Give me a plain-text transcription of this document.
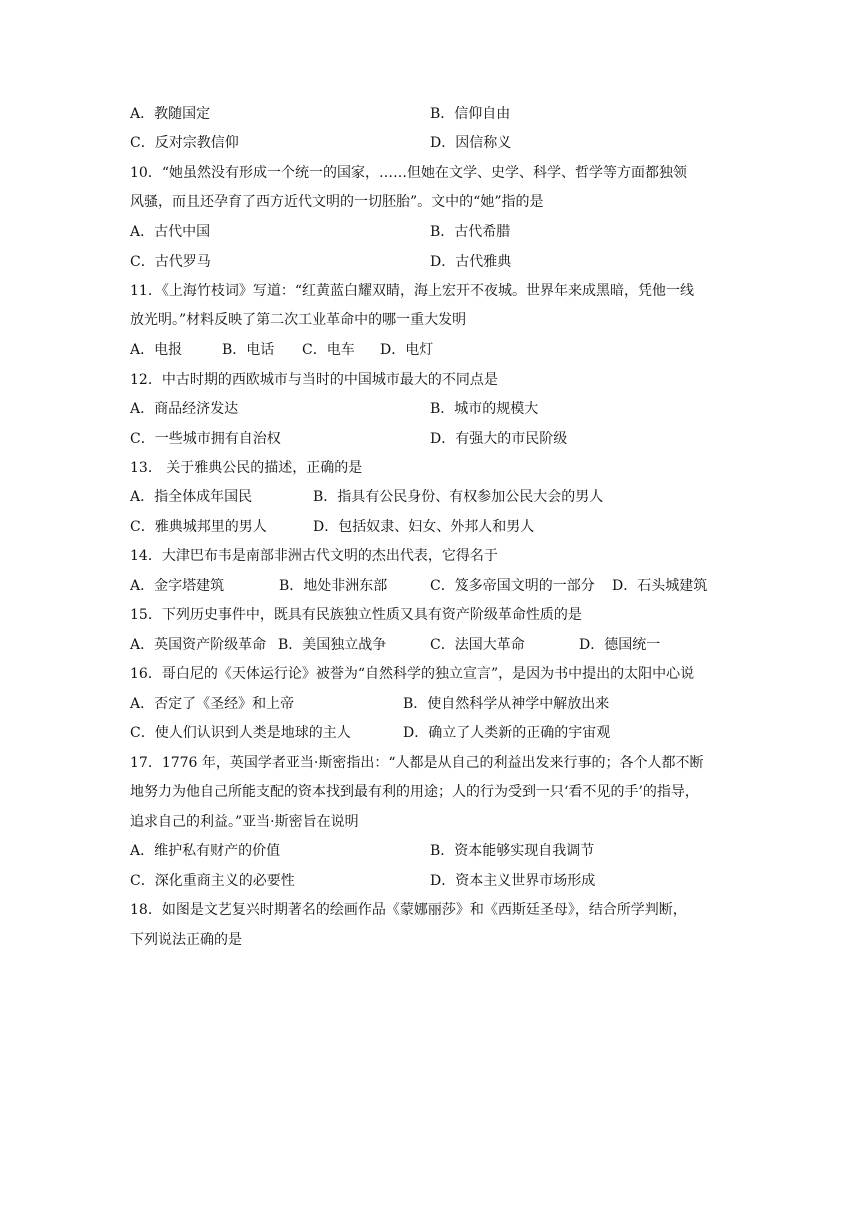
A．教随国定	B．信仰自由
C．反对宗教信仰	D．因信称义
10．“她虽然没有形成一个统一的国家，……但她在文学、史学、科学、哲学等方面都独领
风骚，而且还孕育了西方近代文明的一切胚胎”。文中的“她”指的是
A．古代中国	B．古代希腊
C．古代罗马	D．古代雅典
11．《上海竹枝词》写道：“红黄蓝白耀双睛，海上宏开不夜城。世界年来成黑暗，凭他一线
放光明。”材料反映了第二次工业革命中的哪一重大发明
A．电报	B．电话 C．电车 D．电灯
12．中古时期的西欧城市与当时的中国城市最大的不同点是
A．商品经济发达	B．城市的规模大
C．一些城市拥有自治权	D．有强大的市民阶级
13． 关于雅典公民的描述，正确的是
A．指全体成年国民	B．指具有公民身份、有权参加公民大会的男人
C．雅典城邦里的男人	D．包括奴隶、妇女、外邦人和男人
14．大津巴布韦是南部非洲古代文明的杰出代表，它得名于
A．金字塔建筑	B．地处非洲东部	C．笈多帝国文明的一部分 D．石头城建筑
15．下列历史事件中，既具有民族独立性质又具有资产阶级革命性质的是
A．英国资产阶级革命 B．美国独立战争	C．法国大革命	D．德国统一
16．哥白尼的《天体运行论》被誉为“自然科学的独立宣言”，是因为书中提出的太阳中心说
A．否定了《圣经》和上帝	B．使自然科学从神学中解放出来
C．使人们认识到人类是地球的主人	D．确立了人类新的正确的宇宙观
17．1776 年，英国学者亚当·斯密指出：“人都是从自己的利益出发来行事的；各个人都不断
地努力为他自己所能支配的资本找到最有利的用途；人的行为受到一只‘看不见的手’的指导，
追求自己的利益。”亚当·斯密旨在说明
A．维护私有财产的价值	B．资本能够实现自我调节
C．深化重商主义的必要性	D．资本主义世界市场形成
18．如图是文艺复兴时期著名的绘画作品《蒙娜丽莎》和《西斯廷圣母》，结合所学判断，
下列说法正确的是
